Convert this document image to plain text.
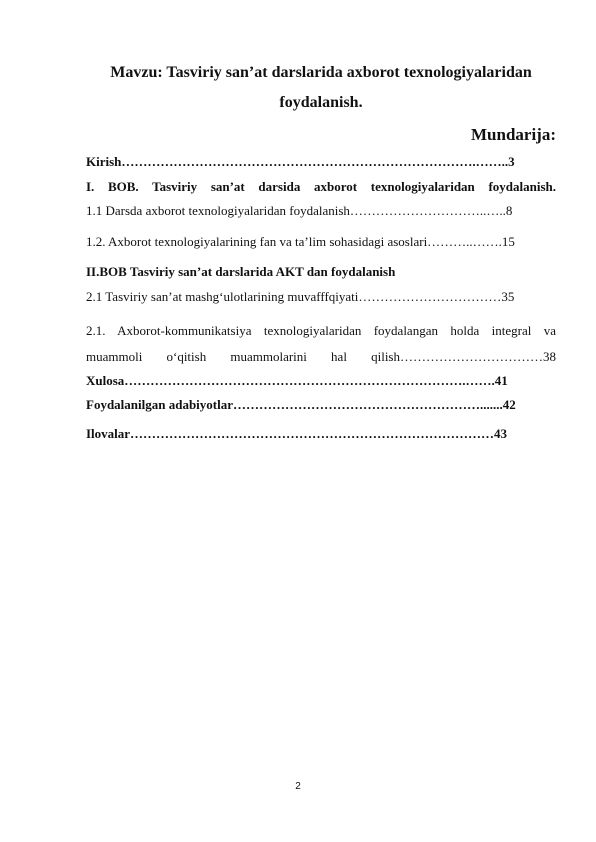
Mavzu: Tasviriy san’at darslarida axborot texnologiyalaridan foydalanish.
Mundarija:
Kirish……………………………………………………………………….……..3
I. BOB. Tasviriy san’at darsida axborot texnologiyalaridan foydalanish.
1.1 Darsda axborot texnologiyalaridan foydalanish…………………………..…..8
1.2. Axborot texnologiyalarining fan va ta’lim sohasidagi asoslari………..…….15
II.BOB Tasviriy san’at darslarida AKT dan foydalanish
2.1 Tasviriy san’at mashg‘ulotlarining muvafffqiyati……………………………35
2.1. Axborot-kommunikatsiya texnologiyalaridan foydalangan holda integral va muammoli o‘qitish muammolarini hal qilish……………………………38
Xulosa…………………………………………………………………….…….41
Foydalanilgan adabiyotlar………………………………………………….......42
Ilovalar…………………………………………………………………………43
2
